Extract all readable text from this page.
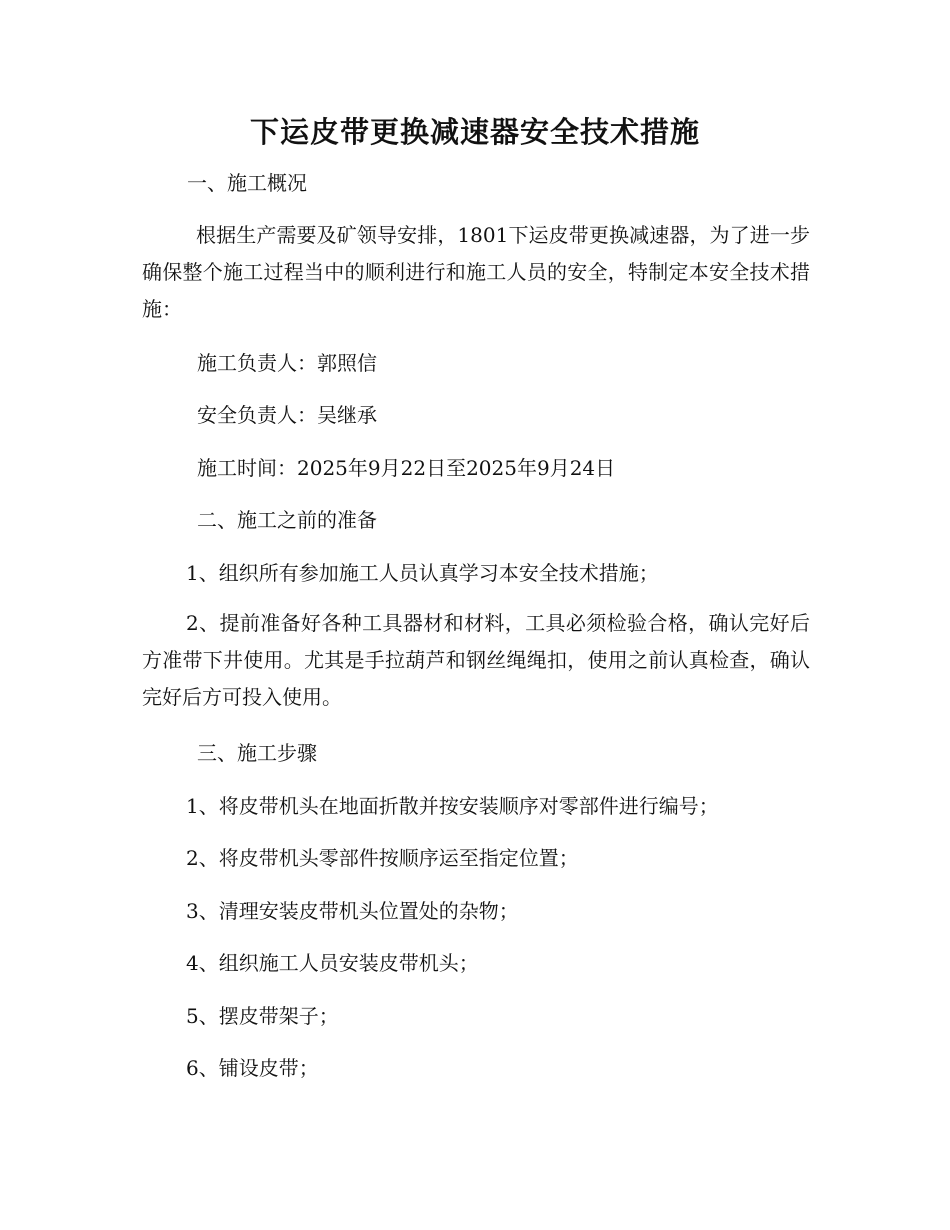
下运皮带更换减速器安全技术措施
一、施工概况
根据生产需要及矿领导安排，1801下运皮带更换减速器，为了进一步确保整个施工过程当中的顺利进行和施工人员的安全，特制定本安全技术措施：
施工负责人：郭照信
安全负责人：吴继承
施工时间：2025年9月22日至2025年9月24日
二、施工之前的准备
1、组织所有参加施工人员认真学习本安全技术措施；
2、提前准备好各种工具器材和材料，工具必须检验合格，确认完好后方准带下井使用。尤其是手拉葫芦和钢丝绳绳扣，使用之前认真检查，确认完好后方可投入使用。
三、施工步骤
1、将皮带机头在地面折散并按安装顺序对零部件进行编号；
2、将皮带机头零部件按顺序运至指定位置；
3、清理安装皮带机头位置处的杂物；
4、组织施工人员安装皮带机头；
5、摆皮带架子；
6、铺设皮带；
